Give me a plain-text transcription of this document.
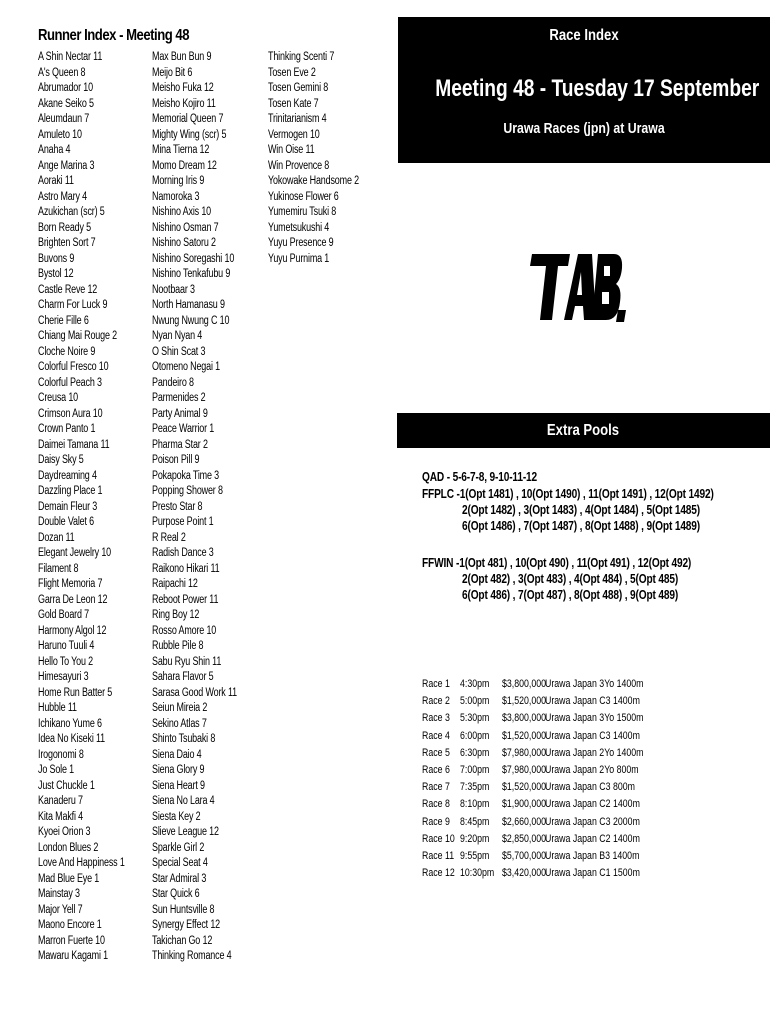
Runner Index - Meeting 48
A Shin Nectar 11
A's Queen 8
Abrumador 10
Akane Seiko 5
Aleumdaun 7
Amuleto 10
Anaha 4
Ange Marina 3
Aoraki 11
Astro Mary 4
Azukichan (scr) 5
Born Ready 5
Brighten Sort 7
Buvons 9
Bystol 12
Castle Reve 12
Charm For Luck 9
Cherie Fille 6
Chiang Mai Rouge 2
Cloche Noire 9
Colorful Fresco 10
Colorful Peach 3
Creusa 10
Crimson Aura 10
Crown Panto 1
Daimei Tamana 11
Daisy Sky 5
Daydreaming 4
Dazzling Place 1
Demain Fleur 3
Double Valet 6
Dozan 11
Elegant Jewelry 10
Filament 8
Flight Memoria 7
Garra De Leon 12
Gold Board 7
Harmony Algol 12
Haruno Tuuli 4
Hello To You 2
Himesayuri 3
Home Run Batter 5
Hubble 11
Ichikano Yume 6
Idea No Kiseki 11
Irogonomi 8
Jo Sole 1
Just Chuckle 1
Kanaderu 7
Kita Makfi 4
Kyoei Orion 3
London Blues 2
Love And Happiness 1
Mad Blue Eye 1
Mainstay 3
Major Yell 7
Maono Encore 1
Marron Fuerte 10
Mawaru Kagami 1
Max Bun Bun 9
Meijo Bit 6
Meisho Fuka 12
Meisho Kojiro 11
Memorial Queen 7
Mighty Wing (scr) 5
Mina Tierna 12
Momo Dream 12
Morning Iris 9
Namoroka 3
Nishino Axis 10
Nishino Osman 7
Nishino Satoru 2
Nishino Soregashi 10
Nishino Tenkafubu 9
Nootbaar 3
North Hamanasu 9
Nwung Nwung C 10
Nyan Nyan 4
O Shin Scat 3
Otomeno Negai 1
Pandeiro 8
Parmenides 2
Party Animal 9
Peace Warrior 1
Pharma Star 2
Poison Pill 9
Pokapoka Time 3
Popping Shower 8
Presto Star 8
Purpose Point 1
R Real 2
Radish Dance 3
Raikono Hikari 11
Raipachi 12
Reboot Power 11
Ring Boy 12
Rosso Amore 10
Rubble Pile 8
Sabu Ryu Shin 11
Sahara Flavor 5
Sarasa Good Work 11
Seiun Mireia 2
Sekino Atlas 7
Shinto Tsubaki 8
Siena Daio 4
Siena Glory 9
Siena Heart 9
Siena No Lara 4
Siesta Key 2
Slieve League 12
Sparkle Girl 2
Special Seat 4
Star Admiral 3
Star Quick 6
Sun Huntsville 8
Synergy Effect 12
Takichan Go 12
Thinking Romance 4
Thinking Scenti 7
Tosen Eve 2
Tosen Gemini 8
Tosen Kate 7
Trinitarianism 4
Vermogen 10
Win Oise 11
Win Provence 8
Yokowake Handsome 2
Yukinose Flower 6
Yumemiru Tsuki 8
Yumetsukushi 4
Yuyu Presence 9
Yuyu Purnima 1
Race Index
Meeting 48 - Tuesday 17 September
Urawa Races (jpn) at Urawa
Extra Pools
QAD - 5-6-7-8, 9-10-11-12
FFPLC -1(Opt 1481) , 10(Opt 1490) , 11(Opt 1491) , 12(Opt 1492)
2(Opt 1482) , 3(Opt 1483) , 4(Opt 1484) , 5(Opt 1485)
6(Opt 1486) , 7(Opt 1487) , 8(Opt 1488) , 9(Opt 1489)
FFWIN -1(Opt 481) , 10(Opt 490) , 11(Opt 491) , 12(Opt 492)
2(Opt 482) , 3(Opt 483) , 4(Opt 484) , 5(Opt 485)
6(Opt 486) , 7(Opt 487) , 8(Opt 488) , 9(Opt 489)
Race 1 4:30pm $3,800,000
Urawa Japan 3Yo 1400m
Race 2 5:00pm $1,520,000
Urawa Japan C3 1400m
Race 3 5:30pm $3,800,000
Urawa Japan 3Yo 1500m
Race 4 6:00pm $1,520,000
Urawa Japan C3 1400m
Race 5 6:30pm $7,980,000
Urawa Japan 2Yo 1400m
Race 6 7:00pm $7,980,000
Urawa Japan 2Yo 800m
Race 7 7:35pm $1,520,000
Urawa Japan C3 800m
Race 8 8:10pm $1,900,000
Urawa Japan C2 1400m
Race 9 8:45pm $2,660,000
Urawa Japan C3 2000m
Race 10 9:20pm $2,850,000
Urawa Japan C2 1400m
Race 11 9:55pm $5,700,000
Urawa Japan B3 1400m
Race 12 10:30pm $3,420,000
Urawa Japan C1 1500m
